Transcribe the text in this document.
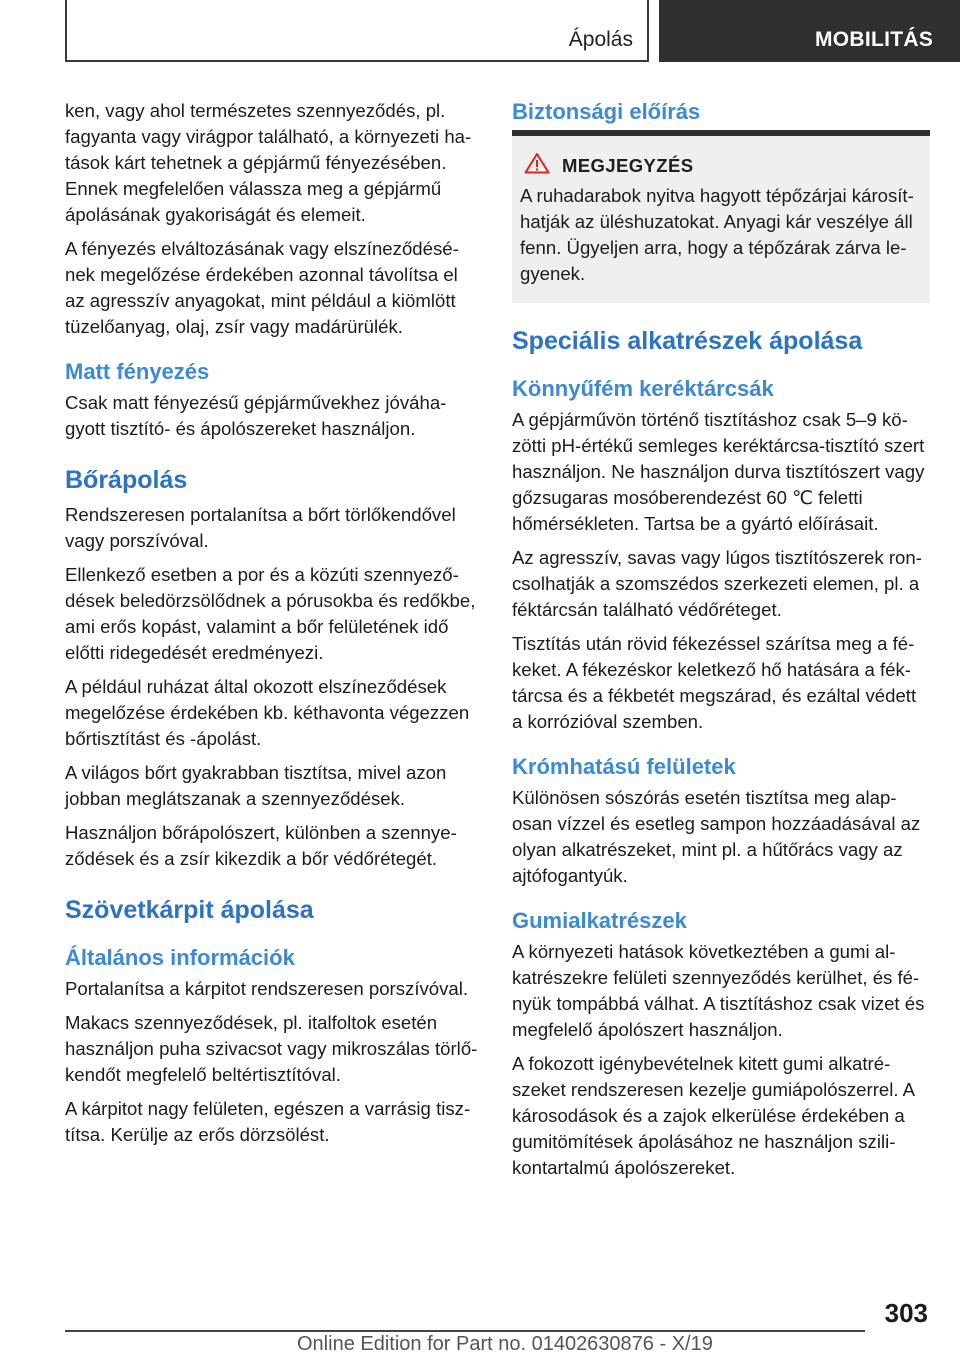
Ápolás	MOBILITÁS

ken, vagy ahol természetes szennyeződés, pl. fagyanta vagy virágpor található, a környezeti hatások kárt tehetnek a gépjármű fényezésében. Ennek megfelelően válassza meg a gépjármű ápolásának gyakoriságát és elemeit.

A fényezés elváltozásának vagy elszíneződésének megelőzése érdekében azonnal távolítsa el az agresszív anyagokat, mint például a kiömlött tüzelőanyag, olaj, zsír vagy madárürülék.

Matt fényezés

Csak matt fényezésű gépjárművekhez jóváhagyott tisztító- és ápolószereket használjon.

Bőrápolás

Rendszeresen portalanítsa a bőrt törlőkendővel vagy porszívóval.

Ellenkező esetben a por és a közúti szennyeződések beledörzsölődnek a pórusokba és redőkbe, ami erős kopást, valamint a bőr felületének idő előtti ridegedését eredményezi.

A például ruházat által okozott elszíneződések megelőzése érdekében kb. kéthavonta végezzen bőrtisztítást és -ápolást.

A világos bőrt gyakrabban tisztítsa, mivel azon jobban meglátszanak a szennyeződések.

Használjon bőrápolószert, különben a szennyeződések és a zsír kikezdik a bőr védőrétegét.

Szövetkárpit ápolása
Általános információk

Portalanítsa a kárpitot rendszeresen porszívóval.

Makacs szennyeződések, pl. italfoltok esetén használjon puha szivacsot vagy mikroszálas törlőkendőt megfelelő beltértisztítóval.

A kárpitot nagy felületen, egészen a varrásig tisztítsa. Kerülje az erős dörzsölést.

Biztonsági előírás
MEGJEGYZÉS

A ruhadarabok nyitva hagyott tépőzárjai károsíthatják az üléshuzatokat. Anyagi kár veszélye áll fenn. Ügyeljen arra, hogy a tépőzárak zárva legyenek.

Speciális alkatrészek ápolása
Könnyűfém keréktárcsák

A gépjárművön történő tisztításhoz csak 5–9 közötti pH-értékű semleges keréktárcsa-tisztító szert használjon. Ne használjon durva tisztítószert vagy gőzsugaras mosóberendezést 60 ℃ feletti hőmérsékleten. Tartsa be a gyártó előírásait.

Az agresszív, savas vagy lúgos tisztítószerek roncsolhatják a szomszédos szerkezeti elemen, pl. a féktárcsán található védőréteget.

Tisztítás után rövid fékezéssel szárítsa meg a fékeket. A fékezéskor keletkező hő hatására a féktárcsa és a fékbetét megszárad, és ezáltal védett a korrózióval szemben.

Krómhatású felületek

Különösen sószórás esetén tisztítsa meg alaposan vízzel és esetleg sampon hozzáadásával az olyan alkatrészeket, mint pl. a hűtőrács vagy az ajtófogantyúk.

Gumialkatrészek

A környezeti hatások következtében a gumi alkatrészekre felületi szennyeződés kerülhet, és fényük tompábbá válhat. A tisztításhoz csak vizet és megfelelő ápolószert használjon.

A fokozott igénybevételnek kitett gumi alkatrészeket rendszeresen kezelje gumiápolószerrel. A károsodások és a zajok elkerülése érdekében a gumitömítések ápolásához ne használjon szilikontartalmú ápolószereket.

303
Online Edition for Part no. 01402630876 - X/19
